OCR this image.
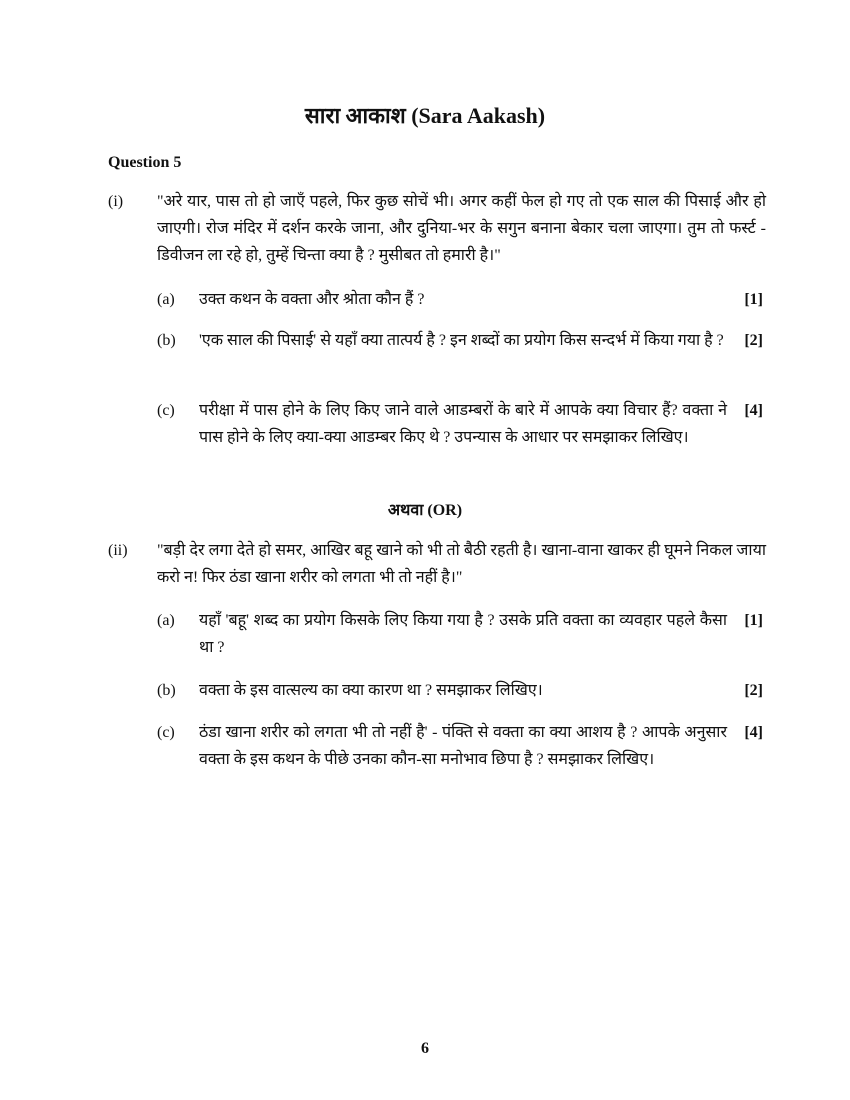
सारा आकाश (Sara Aakash)
Question 5
(i) "अरे यार, पास तो हो जाएँ पहले, फिर कुछ सोचें भी। अगर कहीं फेल हो गए तो एक साल की पिसाई और हो जाएगी। रोज मंदिर में दर्शन करके जाना, और दुनिया-भर के सगुन बनाना बेकार चला जाएगा। तुम तो फर्स्ट - डिवीजन ला रहे हो, तुम्हें चिन्ता क्या है ? मुसीबत तो हमारी है।"
(a) उक्त कथन के वक्ता और श्रोता कौन हैं ?	[1]
(b) 'एक साल की पिसाई' से यहाँ क्या तात्पर्य है ? इन शब्दों का प्रयोग किस सन्दर्भ में किया गया है ? [2]
(c) परीक्षा में पास होने के लिए किए जाने वाले आडम्बरों के बारे में आपके क्या विचार हैं? वक्ता ने पास होने के लिए क्या-क्या आडम्बर किए थे ? उपन्यास के आधार पर समझाकर लिखिए।
[4]
अथवा (OR)
(ii) "बड़ी देर लगा देते हो समर, आखिर बहू खाने को भी तो बैठी रहती है। खाना-वाना खाकर ही घूमने निकल जाया करो न! फिर ठंडा खाना शरीर को लगता भी तो नहीं है।"
(a) यहाँ 'बहू' शब्द का प्रयोग किसके लिए किया गया है ? उसके प्रति वक्ता का व्यवहार पहले कैसा था ?
[1]
(b) वक्ता के इस वात्सल्य का क्या कारण था ? समझाकर लिखिए।	[2]
(c) ठंडा खाना शरीर को लगता भी तो नहीं है' - पंक्ति से वक्ता का क्या आशय है ? आपके अनुसार वक्ता के इस कथन के पीछे उनका कौन-सा मनोभाव छिपा है ? समझाकर लिखिए।
[4]
6
